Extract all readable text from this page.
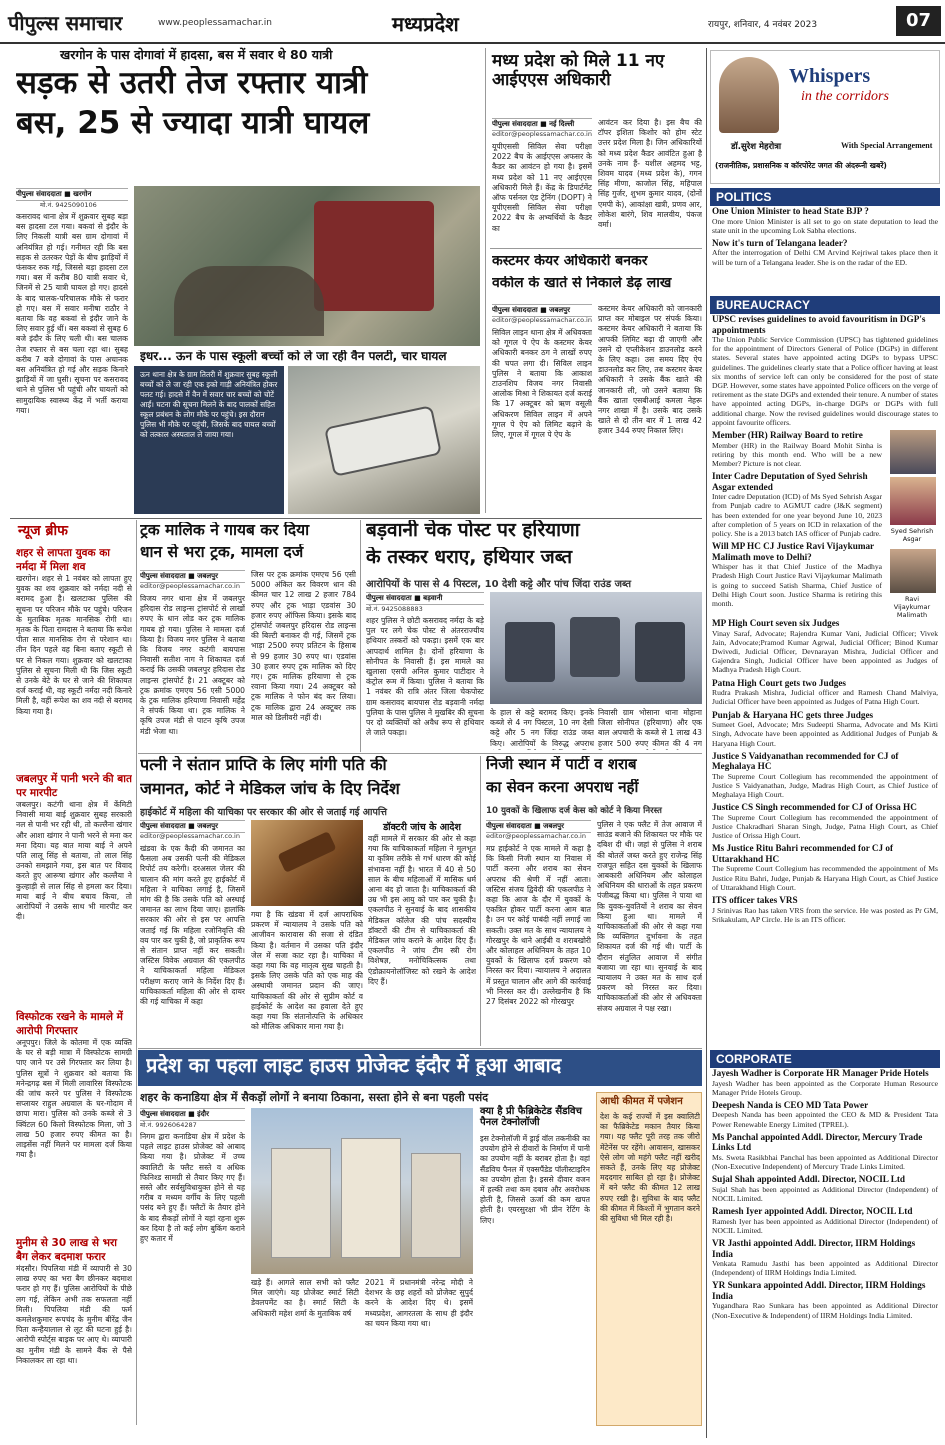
पीपुल्स समाचार	www.peoplessamachar.in	मध्यप्रदेश	रायपुर, शनिवार, 4 नवंबर 2023	07
खरगोन के पास दोगावां में हादसा, बस में सवार थे 80 यात्री
सड़क से उतरी तेज रफ्तार यात्री
बस, 25 से ज्यादा यात्री घायल
पीपुल्स संवाददाता ■ खरगोन
मो.नं. 9425090106
कसरावद थाना क्षेत्र में शुक्रवार सुबह बड़ा बस हादसा टल गया। बकवां से इंदौर के लिए निकली यात्री बस ग्राम दोगावां में अनियंत्रित हो गई। गनीमत रही कि बस सड़क से उतरकर पेड़ों के बीच झाड़ियों में फंसकर रुक गई, जिससे बड़ा हादसा टल गया। बस में करीब 80 यात्री सवार थे, जिनमें से 25 यात्री घायल हो गए। हादसे के बाद चालक-परिचालक मौके से फरार हो गए। बस में सवार मनीषा राठौर ने बताया कि वह बकवां से इंदौर जाने के लिए सवार हुई थीं। बस बकवां से सुबह 6 बजे इंदौर के लिए चली थी। बस चालक तेज रफ्तार से बस चला रहा था। सुबह करीब 7 बजे दोगावां के पास अचानक बस अनियंत्रित हो गई और सड़क किनारे झाड़ियों में जा घुसी। सूचना पर कसरावद थाने से पुलिस भी पहुंची और घायलों को सामुदायिक स्वास्थ्य केंद्र में भर्ती कराया गया।
इधर... ऊन के पास स्कूली बच्चों को ले जा रही वैन पलटी, चार घायल
ऊन थाना क्षेत्र के ग्राम तितरी में शुक्रवार सुबह स्कूली बच्चों को ले जा रही एक इको गाड़ी अनियंत्रित होकर पलट गई। हादसे में वैन में सवार चार बच्चों को चोटें आईं। घटना की सूचना मिलने के बाद पालकों सहित स्कूल प्रबंधन के लोग मौके पर पहुंचे। इस दौरान पुलिस भी मौके पर पहुंची, जिसके बाद घायल बच्चों को तत्काल अस्पताल ले जाया गया।
मध्य प्रदेश को मिले 11 नए आईएएस अधिकारी
पीपुल्स संवाददाता ■ नई दिल्ली
editor@peoplessamachar.co.in
यूपीएससी सिविल सेवा परीक्षा 2022 बैच के आईएएस अफसर के कैडर का आवंटन हो गया है। इसमें मध्य प्रदेश को 11 नए आईएएस अधिकारी मिले हैं। केंद्र के डिपार्टमेंट ऑफ पर्सनल एंड ट्रेनिंग (DOPT) ने यूपीएससी सिविल सेवा परीक्षा 2022 बैच के अभ्यर्थियों के कैडर का
आवंटन कर दिया है। इस बैच की टॉपर इशिता किशोर को होम स्टेट उत्तर प्रदेश मिला है। जिन अधिकारियों को मध्य प्रदेश कैडर आवंटित हुआ है उनके नाम हैं- यशील अहमद भट्ट, शिवम यादव (मध्य प्रदेश के), गगन सिंह मीणा, काजोल सिंह, महिपाल सिंह गुर्जर, शुभम कुमार यादव, (दोनों एमपी के), आकांक्षा खत्री, प्रणव आर, लोकेश बारंगे, शिव मालवीय, पंकज वर्मा।
कस्टमर केयर अधिकारी बनकर
वकील के खाते से निकाले डेढ़ लाख
पीपुल्स संवाददाता ■ जबलपुर
editor@peoplessamachar.co.in
सिविल लाइन थाना क्षेत्र में अधिवक्ता को गूगल पे ऐप के कस्टमर केयर अधिकारी बनकर ठग ने लाखों रुपए की चपत लगा दी। सिविल लाइन पुलिस ने बताया कि आकाश टाउनशिप विजय नगर निवासी आलोक मिश्रा ने शिकायत दर्ज कराई कि 17 अक्टूबर को ऋण वसूली अधिकरण सिविल लाइन में अपने गूगल पे ऐप को लिमिट बढ़ाने के लिए, गूगल में गूगल पे ऐप के
कस्टमर केयर अधिकारी को जानकारी प्राप्त कर मोबाइल पर संपर्क किया। कस्टमर केयर अधिकारी ने बताया कि आपकी लिमिट बढ़ा दी जाएगी और उसने दो एप्लीकेशन डाउनलोड करने के लिए कहा। उस समय दिए ऐप डाउनलोड कर लिए, तब कस्टमर केयर अधिकारी ने उसके बैंक खाते की जानकारी ली, जो उसने बताया कि बैंक खाता एसबीआई कमला नेहरू नगर शाखा में है। उसके बाद उसके खाते से दो तीन बार में 1 लाख 42 हजार 344 रुपए निकाल लिए।
न्यूज ब्रीफ
शहर से लापता युवक का नर्मदा में मिला शव
खरगोन। शहर से 1 नवंबर को लापता हुए युवक का शव शुक्रवार को नर्मदा नदी से बरामद हुआ है। खलटाका पुलिस की सूचना पर परिजन मौके पर पहुंचे। परिजन के मुताबिक मृतक मानसिक रोगी था। मृतक के पिता रामदास ने बताया कि रूपेश पीता साल मानसिक रोग से परेशान था। तीन दिन पहले वह बिना बताए स्कूटी से घर से निकल गया। शुक्रवार को खलटाका पुलिस से सूचना मिली थी कि जिस स्कूटी से उनके बेटे के घर से जाने की शिकायत दर्ज कराई थी, वह स्कूटी नर्मदा नदी किनारे मिली है, वहीं रूपेश का शव नदी से बरामद किया गया है।
जबलपुर में पानी भरने की बात पर मारपीट
जबलपुर। कटंगी थाना क्षेत्र में केंमिटी निवासी माया बाई शुक्रवार सुबह सरकारी नल से पानी भर रही थी, तो कल्लैना खंगार और आशा खंगार ने पानी भरने से मना कर मना दिया। यह बात माया बाई ने अपने पति लालू सिंह से बताया, तो लाल सिंह उनको समझाने गया, इस बात पर विवाद करते हुए आरूषा खंगार और कल्लैया ने कुल्हाड़ी से लाल सिंह से हमला कर दिया। माया बाई ने बीच बचाव किया, तो आरोपियों ने उसके साथ भी मारपीट कर दी।
विस्फोटक रखने के मामले में आरोपी गिरफ्तार
अनूपपुर। जिले के कोतमा में एक व्यक्ति के घर से बड़ी मात्रा में विस्फोटक सामग्री पाए जाने पर उसे गिरफ्तार कर लिया है। पुलिस सूत्रों ने शुक्रवार को बताया कि मनेन्द्रगढ़ बस में मिली लावारिस विस्फोटक की जांच करने पर पुलिस ने विस्फोटक सप्लायर राहुल अग्रवाल के घर-गोदाम में छापा मारा। पुलिस को उनके कब्जे से 3 क्विंटल 60 किलो विस्फोटक मिला, जो 3 लाख 50 हजार रुपए कीमत का है। लाइसेंस नहीं मिलने पर मामला दर्ज किया गया है।
मुनीम से 30 लाख से भरा बैग लेकर बदमाश फरार
मंदसौर। पिपलिया मंडी में व्यापारी से 30 लाख रुपए का भरा बैग छीनकर बदमाश फरार हो गए हैं। पुलिस आरोपियों के पीछे लग गई, लेकिन अभी तक सफलता नहीं मिली। पिपलिया मंडी की फर्म कमलेशकुमार रूपचंद के मुनीम बीरेंद्र जैन पिता कन्हैयालाल से लूट की घटना हुई है। आरोपी स्पोर्ट्स बाइक पर आए थे। व्यापारी का मुनीम मंडी के सामने बैंक से पैसे निकालकर ला रहा था।
ट्रक मालिक ने गायब कर दिया
धान से भरा ट्रक, मामला दर्ज
पीपुल्स संवाददाता ■ जबलपुर
editor@peoplessamachar.co.in
विजय नगर थाना क्षेत्र में जबलपुर हरिदास रोड लाइन्स ट्रांसपोर्ट से लाखों रुपए के धान लोड कर ट्रक मालिक गायब हो गया। पुलिस ने मामला दर्ज किया है। विजय नगर पुलिस ने बताया कि विजय नगर कटंगी बायपास निवासी सतीश नाग ने शिकायत दर्ज कराई कि उसकी जबलपुर हरिदास रोड लाइन्स ट्रांसपोर्ट है। 21 अक्टूबर को ट्रक क्रमांक एमएच 56 एसी 5000 के ट्रक मालिक हरियाणा निवासी महेंद्र ने संपर्क किया था। ट्रक मालिक ने कृषि उपज मंडी से पाटन कृषि उपज मंडी भेजा था।
जिस पर ट्रक क्रमांक एमएच 56 एसी 5000 अंकित कर विवरण धान की कीमत चार 12 लाख 2 हजार 784 रुपए और ट्रक भाड़ा एडवांस 30 हजार रुपए ऑफिस किया। इसके बाद ट्रांसपोर्ट जबलपुर हरिदास रोड लाइन्स की बिल्टी बनाकर दी गई, जिसमें ट्रक भाड़ा 2500 रुपए प्रतिटन के हिसाब से 99 हजार 30 रुपए था। एडवांस 30 हजार रुपए ट्रक मालिक को दिए गए। ट्रक मालिक हरियाणा से ट्रक रवाना किया गया। 24 अक्टूबर को ट्रक मालिक ने फोन बंद कर लिया। ट्रक मालिक द्वारा 24 अक्टूबर तक माल को डिलीवरी नहीं दी।
बड़वानी चेक पोस्ट पर हरियाणा
के तस्कर धराए, हथियार जब्त
आरोपियों के पास से 4 पिस्टल, 10 देशी कट्टे और पांच जिंदा राउंड जब्त
पीपुल्स संवाददाता ■ बड़वानी
मो.नं. 9425088883
शहर पुलिस ने छोटी कसरावद नर्मदा के बड़े पुल पर लगे चेक पोस्ट से अंतरराज्यीय हथियार तस्करों को पकड़ा। इसमें एक बार आपदार्थ शामिल है। दोनों हरियाणा के सोनीपत के निवासी हैं। इस मामले का खुलासा एसपी अनिल कुमार पाटीदार ने कंट्रोल रूम में किया। पुलिस ने बताया कि 1 नवंबर की रात्रि अंतर जिला चेकपोस्ट ग्राम कसरावद बायपास रोड बड़वानी नर्मदा पुलिया के पास पुलिस ने मुखबिर की सूचना पर दो व्यक्तियों को अवैध रूप से हथियार ले जाते पकड़ा।
के हाल से कट्टे बरामद किए। इनके कब्जे से 4 नग पिस्टल, 10 नग देसी कट्टे और 5 नग जिंदा राउंड जब्त किए। आरोपियों के विरुद्ध अपराध
निवासी ग्राम भोसाना थाना मोहाना जिला सोनीपत (हरियाणा) और एक बाल अपचारी के कब्जे से 1 लाख 43 हजार 500 रुपए कीमत की 4 नग
पत्नी ने संतान प्राप्ति के लिए मांगी पति की
जमानत, कोर्ट ने मेडिकल जांच के दिए निर्देश
हाईकोर्ट में महिला की याचिका पर सरकार की ओर से जताई गई आपत्ति
पीपुल्स संवाददाता ■ जबलपुर
editor@peoplessamachar.co.in
खंडवा के एक कैदी की जमानत का फैसला अब उसकी पत्नी की मेडिकल रिपोर्ट तय करेगी। दरअसल जेलर की चालान की मांग करते हुए हाईकोर्ट में महिला ने याचिका लगाई है, जिसमें मांग की है कि उसके पति को अस्थाई जमानत का लाभ दिया जाए। हालांकि सरकार की ओर से इस पर आपत्ति जताई गई कि महिला रजोनिवृत्ति की वय पार कर चुकी है, जो प्राकृतिक रूप से संतान प्राप्त नहीं कर सकती। जस्टिस विवेक अग्रवाल की एकलपीठ ने याचिकाकर्ता महिला मेडिकल परीक्षण कराए जाने के निर्देश दिए हैं। याचिकाकर्ता महिला की ओर से दायर की गई याचिका में कहा
गया है कि खंडवा में दर्ज आपराधिक प्रकरण में न्यायालय ने उसके पति को आजीवन कारावास की सजा से दंडित किया है। वर्तमान में उसका पति इंदौर जेल में सजा काट रहा है। याचिका में कहा गया कि वह मातृत्व सुख चाहती है। इसके लिए उसके पति को एक माह की अस्थायी जमानत प्रदान की जाए। याचिकाकर्ता की ओर से सुप्रीम कोर्ट व हाईकोर्ट के आदेश का हवाला देते हुए कहा गया कि संतानोत्पत्ति के अधिकार को मौलिक अधिकार माना गया है।
डॉक्टरी जांच के आदेश
वहीं मामले में सरकार की ओर से कहा गया कि याचिकाकर्ता महिला ने मूलभूत या कृत्रिम तरीके से गर्भ धारण की कोई संभावना नहीं है। भारत में 40 से 50 साल के बीच महिलाओं में मासिक धर्म आना बंद हो जाता है। याचिकाकर्ता की उम्र भी इस आयु को पार कर चुकी है। एकलपीठ ने सुनवाई के बाद शासकीय मेडिकल कॉलेज की पांच सदस्यीय डॉक्टरों की टीम से याचिकाकर्ता की मेडिकल जांच कराने के आदेश दिए हैं। एकलपीठ ने जांच टीम स्त्री रोग विशेषज्ञ, मनोचिकित्सक तथा एंडोक्रायनोलॉजिस्ट को रखने के आदेश दिए हैं।
निजी स्थान में पार्टी व शराब
का सेवन करना अपराध नहीं
10 युवकों के खिलाफ दर्ज केस को कोर्ट ने किया निरस्त
पीपुल्स संवाददाता ■ जबलपुर
editor@peoplessamachar.co.in
मप्र हाईकोर्ट ने एक मामले में कहा है कि किसी निजी स्थान या निवास में पार्टी करना और शराब का सेवन अपराध की श्रेणी में नहीं आता। जस्टिस संजय द्विवेदी की एकलपीठ ने कहा कि आज के दौर में युवकों के एकत्रित होकर पार्टी करना आम बात है। उन पर कोई पाबंदी नहीं लगाई जा सकती। उक्त मत के साथ न्यायालय ने गोरखपुर के थाने आईबी व शराबखोरी और कोलाहल अधिनियम के तहत 10 युवकों के खिलाफ दर्ज प्रकरण को निरस्त कर दिया। न्यायालय ने अदालत में प्रस्तुत चालान और आगे की कार्रवाई भी निरस्त कर दी। उल्लेखनीय है कि 27 दिसंबर 2022 को गोरखपुर
पुलिस ने एक फ्लैट में तेज आवाज में साउंड बजाने की शिकायत पर मौके पर दबिश दी थी। जहां से पुलिस ने शराब की बोतलें जब्त करते हुए राजेन्द्र सिंह राजपूत सहित दस युवकों के खिलाफ आबकारी अधिनियम और कोलाहल अधिनियम की धाराओं के तहत प्रकरण पंजीबद्ध किया था। पुलिस ने पाया था कि युवक-युवतियों ने शराब का सेवन किया हुआ था। मामले में याचिकाकर्ताओं की ओर से कहा गया कि व्यक्तिगत दुर्भावना के तहत शिकायत दर्ज की गई थी। पार्टी के दौरान संतुलित आवाज में संगीत बजाया जा रहा था। सुनवाई के बाद न्यायालय ने उक्त मत के साथ दर्ज प्रकरण को निरस्त कर दिया। याचिकाकर्ताओं की ओर से अधिवक्ता संजय अग्रवाल ने पक्ष रखा।
प्रदेश का पहला लाइट हाउस प्रोजेक्ट इंदौर में हुआ आबाद
शहर के कनाडिया क्षेत्र में सैकड़ों लोगों ने बनाया ठिकाना, सस्ता होने से बना पहली पसंद
पीपुल्स संवाददाता ■ इंदौर
मो.नं. 9926064287
निगम द्वारा कनाडिया क्षेत्र में प्रदेश के पहले लाइट हाउस प्रोजेक्ट को आबाद किया गया है। प्रोजेक्ट में उच्च क्वालिटी के फ्लैट सस्ते व अधिक फिनिश्ड सामग्री से तैयार किए गए हैं। सस्ते और सर्वसुविधायुक्त होने से यह गरीब व मध्यम वर्गीय के लिए पहली पसंद बने हुए हैं। फ्लैटों के तैयार होने के बाद सैकड़ों लोगों ने यहां रहना शुरू कर दिया है तो कई लोग बुकिंग कराने हुए कतार में
खड़े हैं। आगले साल सभी को फ्लैट मिल जाएंगे। यह प्रोजेक्ट स्मार्ट सिटी डेवलपमेंट का है। स्मार्ट सिटी के अधिकारी महेश शर्मा के मुताबिक वर्ष
2021 में प्रधानमंत्री नरेन्द्र मोदी ने देशभर के छह शहरों को प्रोजेक्ट सुपुर्द करने के आदेश दिए थे। इसमें मध्यप्रदेश, आगरतला के साथ ही इंदौर का चयन किया गया था।
क्या है प्री फैब्रिकेटेड सैंडविच पैनल टेक्नोलॉजी
इस टेक्नोलॉजी में ड्राई वॉल तकनीकी का उपयोग होने से दीवारों के निर्माण में पानी का उपयोग नहीं के बराबर होता है। वहां सैंडविच पैनल में एक्सपैंडेड पॉलीस्टाइरिन का उपयोग होता है। इससे दीवार वजन में हल्की तथा कम दबाव और अवरोधक होती है, जिससे ऊर्जा की कम खपत होती है। एयरसुरक्षा भी प्रीन रेटिंग के लिए।
आधी कीमत में पजेशन
देश के कई राज्यों में इस क्वालिटी का फैब्रिकेटेड मकान तैयार किया गया। यह फ्लैट पूरी तरह तक जीरो मेंटेनेंस पर रहेंगे। आवासन, खासकर ऐसे लोग जो महंगे फ्लैट नहीं खरीद सकते हैं, उनके लिए यह प्रोजेक्ट मददगार साबित हो रहा है। प्रोजेक्ट में बने फ्लैट की कीमत 12 लाख रुपए रखी है। सुविधा के बाद फ्लैट की कीमत में किश्तों में भुगतान करने की सुविधा भी मिल रही है।
Whispers
in the corridors
डॉ.सुरेश मेहरोत्रा	With Special Arrangement
(राजनीतिक, प्रशासनिक व कॉरपोरेट जगत की अंदरूनी खबरें)
POLITICS
One Union Minister to head State BJP ?
One more Union Minister is all set to go on state deputation to lead the state unit in the upcoming Lok Sabha elections.
Now it's turn of Telangana leader?
After the interrogation of Delhi CM Arvind Kejriwal takes place then it will be turn of a Telangana leader. She is on the radar of the ED.
BUREAUCRACY
UPSC revises guidelines to avoid favouritism in DGP's appointments
The Union Public Service Commission (UPSC) has tightened guidelines for the appointment of Directors General of Police (DGPs) in different states. Several states have appointed acting DGPs to bypass UPSC guidelines. The guidelines clearly state that a Police officer having at least six months of service left can only be considered for the post of state DGP. However, some states have appointed Police officers on the verge of retirement as the state DGPs and extended their tenure. A number of states have appointed acting DGPs, in-charge DGPs or DGPs with full additional charge. Now the revised guidelines would discourage states to appoint favourite officers.
Member (HR) Railway Board to retire
Member (HR) in the Railway Board Mohit Sinha is retiring by this month end. Who will be a new Member? Picture is not clear.
Inter Cadre Deputation of Syed Sehrish Asgar extended
Inter cadre Deputation (ICD) of Ms Syed Sehrish Asgar from Punjab cadre to AGMUT cadre (J&K segment) has been extended for one year beyond June 10, 2023 after completion of 5 years on ICD in relaxation of the policy. She is a 2013 batch IAS officer of Punjab cadre.	Syed Sehrish
Asgar
Will MP HC CJ Justice Ravi Vijaykumar Malimath move to Delhi?
Whisper has it that Chief Justice of the Madhya Pradesh High Court Justice Ravi Vijaykumar Malimath is going to succeed Satish Sharma, Chief Justice of Delhi High Court soon. Justice Sharma is retiring this month.	Ravi
Vijaykumar
Malimath
MP High Court seven six Judges
Vinay Saraf, Advocate; Rajendra Kumar Vani, Judicial Officer; Vivek Jain, Advocate;Pramod Kumar Agrwal, Judicial Officer; Binod Kumar Dwivedi, Judicial Officer, Devnarayan Mishra, Judicial Officer and Gajendra Singh, Judicial Officer have been appointed as Judges of Madhya Pradesh High Court.
Patna High Court gets two Judges
Rudra Prakash Mishra, Judicial officer and Ramesh Chand Malviya, Judicial Officer have been appointed as Judges of Patna High Court.
Punjab & Haryana HC gets three Judges
Sumeet Goel, Advocate; Mrs Sudeepti Sharma, Advocate and Ms Kirti Singh, Advocate have been appointed as Additional Judges of Punjab & Haryana High Court.
Justice S Vaidyanathan recommended for CJ of Meghalaya HC
The Supreme Court Collegium has recommended the appointment of Justice S Vaidyanathan, Judge, Madras High Court, as Chief Justice of Meghalaya High Court.
Justice CS Singh recommended for CJ of Orissa HC
The Supreme Court Collegium has recommended the appointment of Justice Chakradhari Sharan Singh, Judge, Patna High Court, as Chief Justice of Orissa High Court.
Ms Justice Ritu Bahri recommended for CJ of Uttarakhand HC
The Supreme Court Collegium has recommended the appointment of Ms Justice Ritu Bahri, Judge, Punjab & Haryana High Court, as Chief Justice of Uttarakhand High Court.
ITS officer takes VRS
J Srinivas Rao has taken VRS from the service. He was posted as Pr GM, Srikakulam, AP Circle. He is an ITS officer.
CORPORATE
Jayesh Wadher is Corporate HR Manager Pride Hotels
Jayesh Wadher has been appointed as the Corporate Human Resource Manager Pride Hotels Group.
Deepesh Nanda is CEO MD Tata Power
Deepesh Nanda has been appointed the CEO & MD & President Tata Power Renewable Energy Limited (TPREL).
Ms Panchal appointed Addl. Director, Mercury Trade Links Ltd
Ms. Sweta Rasikbhai Panchal has been appointed as Additional Director (Non-Executive Independent) of Mercury Trade Links Limited.
Sujal Shah appointed Addl. Director, NOCIL Ltd
Sujal Shah has been appointed as Additional Director (Independent) of NOCIL Limited.
Ramesh Iyer appointed Addl. Director, NOCIL Ltd
Ramesh Iyer has been appointed as Additional Director (Independent) of NOCIL Limited.
VR Jasthi appointed Addl. Director, IIRM Holdings India
Venkata Ramudu Jasthi has been appointed as Additional Director (Independent) of IIRM Holdings India Limited.
YR Sunkara appointed Addl. Director, IIRM Holdings India
Yugandhara Rao Sunkara has been appointed as Additional Director (Non-Executive & Independent) of IIRM Holdings India Limited.
